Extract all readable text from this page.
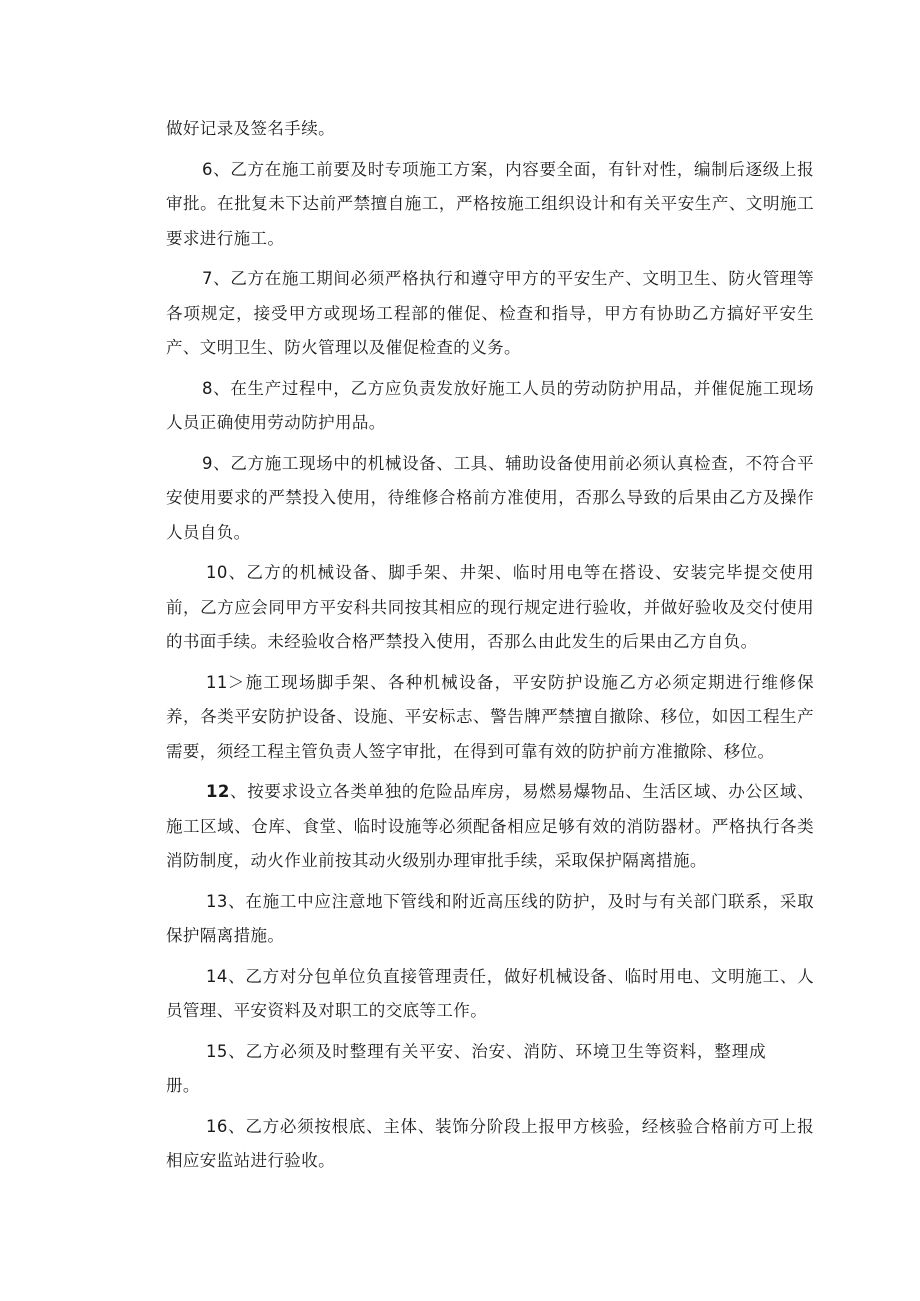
做好记录及签名手续。

6、乙方在施工前要及时专项施工方案，内容要全面，有针对性，编制后逐级上报审批。在批复未下达前严禁擅自施工，严格按施工组织设计和有关平安生产、文明施工要求进行施工。

7、乙方在施工期间必须严格执行和遵守甲方的平安生产、文明卫生、防火管理等各项规定，接受甲方或现场工程部的催促、检查和指导，甲方有协助乙方搞好平安生产、文明卫生、防火管理以及催促检查的义务。

8、在生产过程中，乙方应负责发放好施工人员的劳动防护用品，并催促施工现场人员正确使用劳动防护用品。

9、乙方施工现场中的机械设备、工具、辅助设备使用前必须认真检查，不符合平安使用要求的严禁投入使用，待维修合格前方准使用，否那么导致的后果由乙方及操作人员自负。

10、乙方的机械设备、脚手架、井架、临时用电等在搭设、安装完毕提交使用前，乙方应会同甲方平安科共同按其相应的现行规定进行验收，并做好验收及交付使用的书面手续。未经验收合格严禁投入使用，否那么由此发生的后果由乙方自负。

11＞施工现场脚手架、各种机械设备，平安防护设施乙方必须定期进行维修保养，各类平安防护设备、设施、平安标志、警告牌严禁擅自撤除、移位，如因工程生产需要，须经工程主管负责人签字审批，在得到可靠有效的防护前方准撤除、移位。

12、按要求设立各类单独的危险品库房，易燃易爆物品、生活区域、办公区域、施工区域、仓库、食堂、临时设施等必须配备相应足够有效的消防器材。严格执行各类消防制度，动火作业前按其动火级别办理审批手续，采取保护隔离措施。

13、在施工中应注意地下管线和附近高压线的防护，及时与有关部门联系，采取保护隔离措施。

14、乙方对分包单位负直接管理责任，做好机械设备、临时用电、文明施工、人员管理、平安资料及对职工的交底等工作。

15、乙方必须及时整理有关平安、治安、消防、环境卫生等资料，整理成册。

16、乙方必须按根底、主体、装饰分阶段上报甲方核验，经核验合格前方可上报相应安监站进行验收。
